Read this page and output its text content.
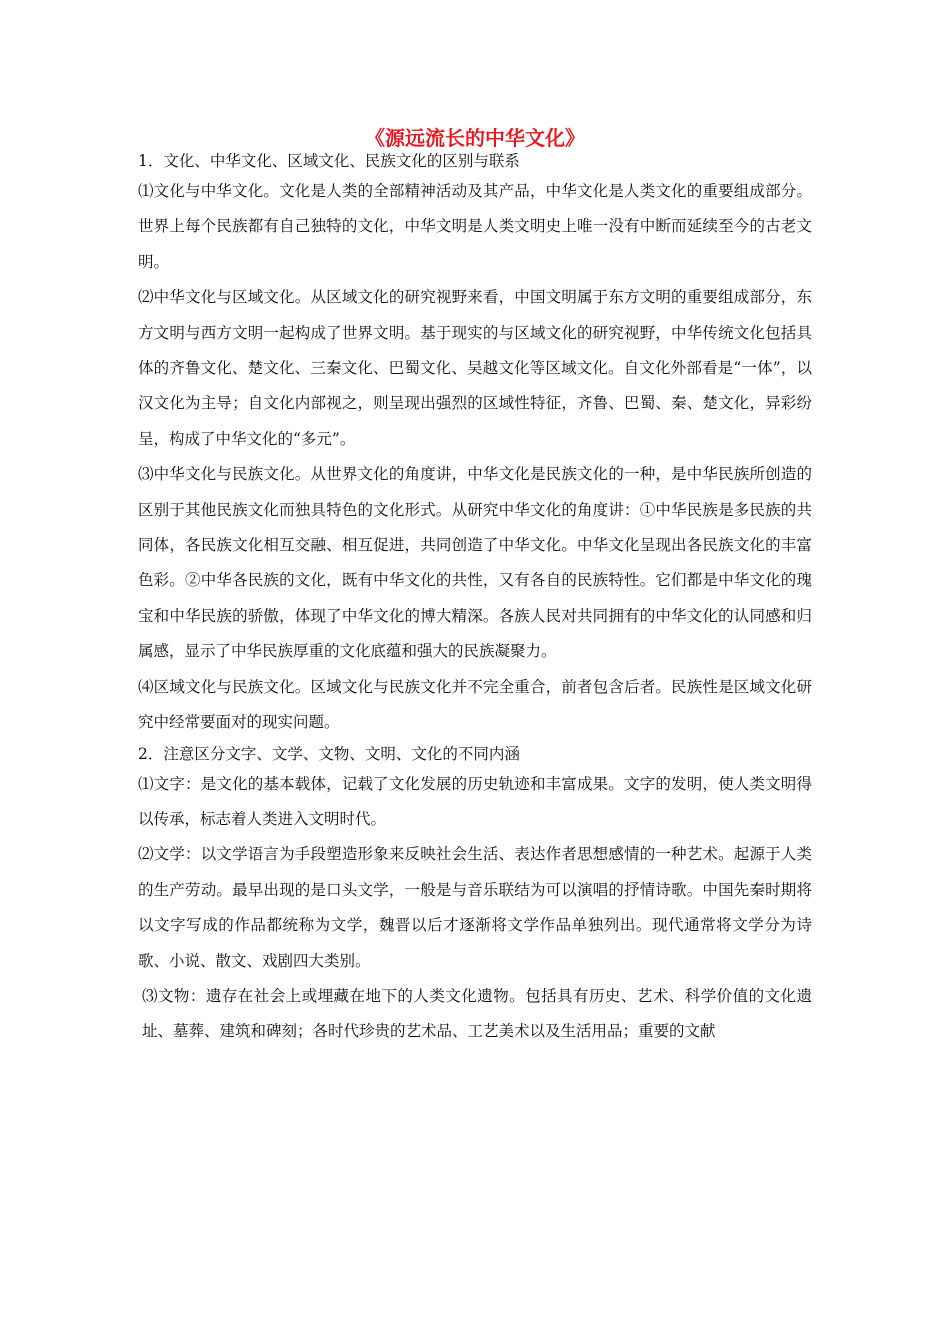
《源远流长的中华文化》

1．文化、中华文化、区域文化、民族文化的区别与联系

⑴文化与中华文化。文化是人类的全部精神活动及其产品，中华文化是人类文化的重要组成部分。世界上每个民族都有自己独特的文化，中华文明是人类文明史上唯一没有中断而延续至今的古老文明。

⑵中华文化与区域文化。从区域文化的研究视野来看，中国文明属于东方文明的重要组成部分，东方文明与西方文明一起构成了世界文明。基于现实的与区域文化的研究视野，中华传统文化包括具体的齐鲁文化、楚文化、三秦文化、巴蜀文化、吴越文化等区域文化。自文化外部看是“一体”，以汉文化为主导；自文化内部视之，则呈现出强烈的区域性特征，齐鲁、巴蜀、秦、楚文化，异彩纷呈，构成了中华文化的“多元”。

⑶中华文化与民族文化。从世界文化的角度讲，中华文化是民族文化的一种，是中华民族所创造的区别于其他民族文化而独具特色的文化形式。从研究中华文化的角度讲：①中华民族是多民族的共同体，各民族文化相互交融、相互促进，共同创造了中华文化。中华文化呈现出各民族文化的丰富色彩。②中华各民族的文化，既有中华文化的共性，又有各自的民族特性。它们都是中华文化的瑰宝和中华民族的骄傲，体现了中华文化的博大精深。各族人民对共同拥有的中华文化的认同感和归属感，显示了中华民族厚重的文化底蕴和强大的民族凝聚力。

⑷区域文化与民族文化。区域文化与民族文化并不完全重合，前者包含后者。民族性是区域文化研究中经常要面对的现实问题。

2．注意区分文字、文学、文物、文明、文化的不同内涵

⑴文字：是文化的基本载体，记载了文化发展的历史轨迹和丰富成果。文字的发明，使人类文明得以传承，标志着人类进入文明时代。

⑵文学：以文学语言为手段塑造形象来反映社会生活、表达作者思想感情的一种艺术。起源于人类的生产劳动。最早出现的是口头文学，一般是与音乐联结为可以演唱的抒情诗歌。中国先秦时期将以文字写成的作品都统称为文学，魏晋以后才逐渐将文学作品单独列出。现代通常将文学分为诗歌、小说、散文、戏剧四大类别。

⑶文物：遗存在社会上或埋藏在地下的人类文化遗物。包括具有历史、艺术、科学价值的文化遗址、墓葬、建筑和碑刻；各时代珍贵的艺术品、工艺美术以及生活用品；重要的文献
